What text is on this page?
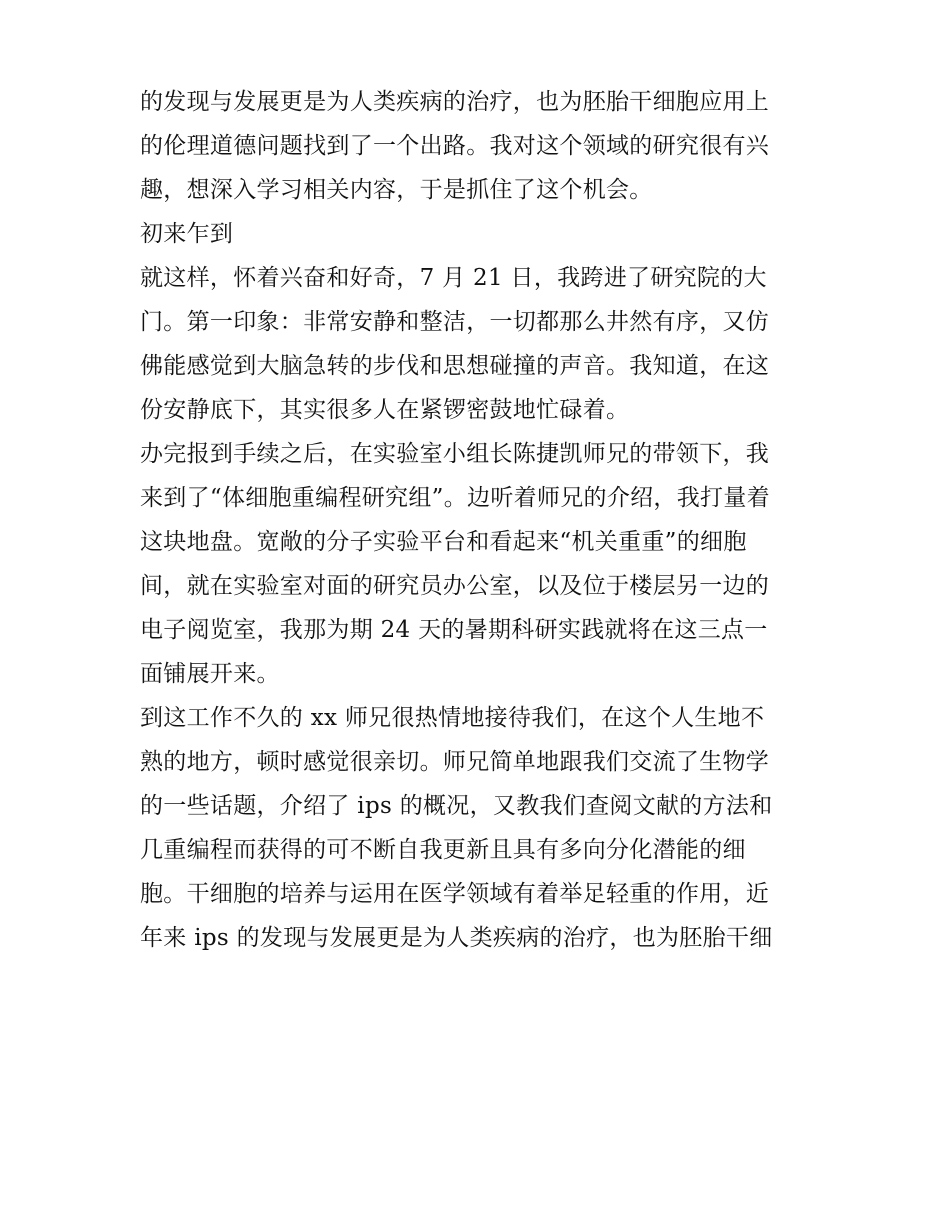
的发现与发展更是为人类疾病的治疗，也为胚胎干细胞应用上
的伦理道德问题找到了一个出路。我对这个领域的研究很有兴
趣，想深入学习相关内容，于是抓住了这个机会。
初来乍到
就这样，怀着兴奋和好奇，7 月 21 日，我跨进了研究院的大
门。第一印象：非常安静和整洁，一切都那么井然有序，又仿
佛能感觉到大脑急转的步伐和思想碰撞的声音。我知道，在这
份安静底下，其实很多人在紧锣密鼓地忙碌着。
办完报到手续之后，在实验室小组长陈捷凯师兄的带领下，我
来到了“体细胞重编程研究组”。边听着师兄的介绍，我打量着
这块地盘。宽敞的分子实验平台和看起来“机关重重”的细胞
间，就在实验室对面的研究员办公室，以及位于楼层另一边的
电子阅览室，我那为期 24 天的暑期科研实践就将在这三点一
面铺展开来。
到这工作不久的 xx 师兄很热情地接待我们，在这个人生地不
熟的地方，顿时感觉很亲切。师兄简单地跟我们交流了生物学
的一些话题，介绍了 ips 的概况，又教我们查阅文献的方法和
几重编程而获得的可不断自我更新且具有多向分化潜能的细
胞。干细胞的培养与运用在医学领域有着举足轻重的作用，近
年来 ips 的发现与发展更是为人类疾病的治疗，也为胚胎干细
